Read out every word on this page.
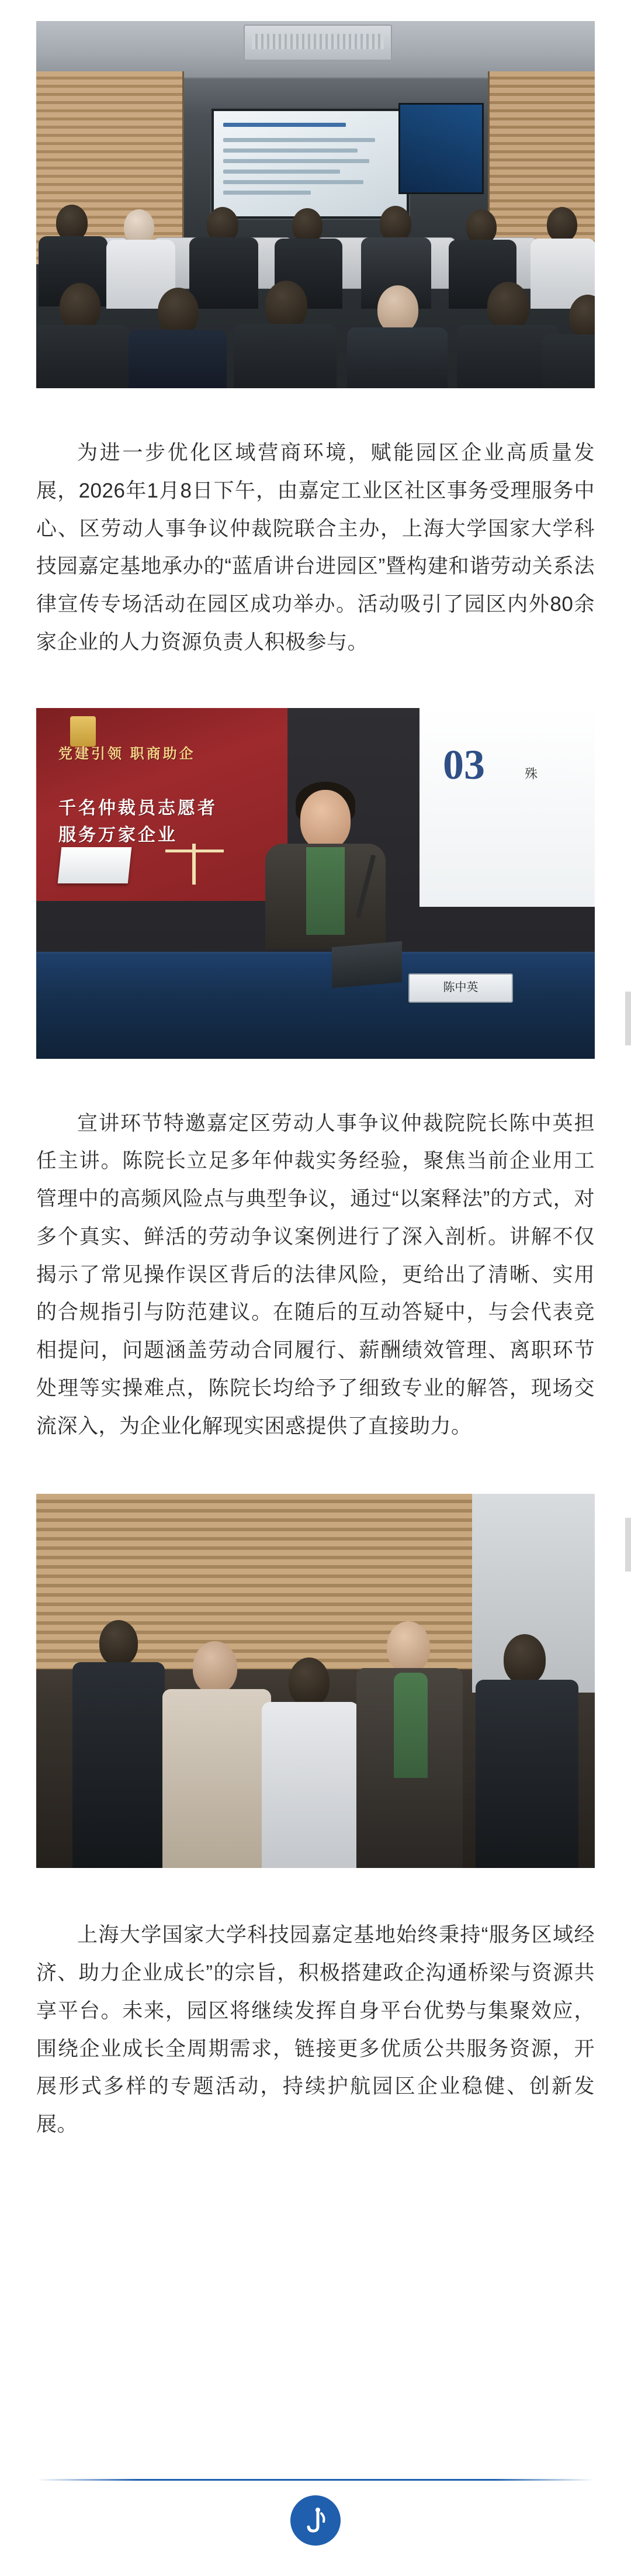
为进一步优化区域营商环境，赋能园区企业高质量发展，2026年1月8日下午，由嘉定工业区社区事务受理服务中心、区劳动人事争议仲裁院联合主办，上海大学国家大学科技园嘉定基地承办的“蓝盾讲台进园区”暨构建和谐劳动关系法律宣传专场活动在园区成功举办。活动吸引了园区内外80余家企业的人力资源负责人积极参与。

党建引领 职商助企
千名仲裁员志愿者
服务万家企业
03	殊
陈中英

宣讲环节特邀嘉定区劳动人事争议仲裁院院长陈中英担任主讲。陈院长立足多年仲裁实务经验，聚焦当前企业用工管理中的高频风险点与典型争议，通过“以案释法”的方式，对多个真实、鲜活的劳动争议案例进行了深入剖析。讲解不仅揭示了常见操作误区背后的法律风险，更给出了清晰、实用的合规指引与防范建议。在随后的互动答疑中，与会代表竞相提问，问题涵盖劳动合同履行、薪酬绩效管理、离职环节处理等实操难点，陈院长均给予了细致专业的解答，现场交流深入，为企业化解现实困惑提供了直接助力。

上海大学国家大学科技园嘉定基地始终秉持“服务区域经济、助力企业成长”的宗旨，积极搭建政企沟通桥梁与资源共享平台。未来，园区将继续发挥自身平台优势与集聚效应，围绕企业成长全周期需求，链接更多优质公共服务资源，开展形式多样的专题活动，持续护航园区企业稳健、创新发展。
